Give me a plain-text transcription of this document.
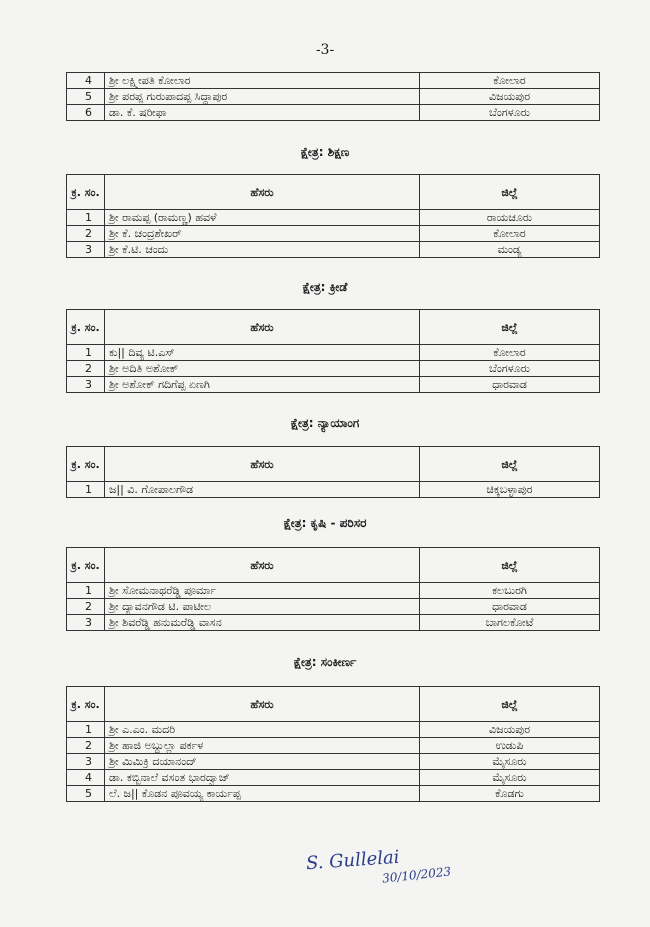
-3-
4	ಶ್ರೀ ಲಕ್ಷ್ಮೀಪತಿ ಕೋಲಾರ	ಕೋಲಾರ
5	ಶ್ರೀ ಪರಪ್ಪ ಗುರುಪಾದಪ್ಪ ಸಿದ್ದಾಪುರ	ವಿಜಯಪುರ
6	ಡಾ. ಕೆ. ಷರೀಫಾ	ಬೆಂಗಳೂರು
ಕ್ಷೇತ್ರ: ಶಿಕ್ಷಣ
ಕ್ರ. ಸಂ.	ಹೆಸರು	ಜಿಲ್ಲೆ
1	ಶ್ರೀ ರಾಮಪ್ಪ (ರಾಮಣ್ಣ) ಹವಳೆ	ರಾಯಚೂರು
2	ಶ್ರೀ ಕೆ. ಚಂದ್ರಶೇಖರ್	ಕೋಲಾರ
3	ಶ್ರೀ ಕೆ.ಟಿ. ಚಂದು	ಮಂಡ್ಯ
ಕ್ಷೇತ್ರ: ಕ್ರೀಡೆ
ಕ್ರ. ಸಂ.	ಹೆಸರು	ಜಿಲ್ಲೆ
1	ಕು|| ದಿವ್ಯ ಟಿ.ಎಸ್	ಕೋಲಾರ
2	ಶ್ರೀ ಅದಿತಿ ಅಶೋಕ್	ಬೆಂಗಳೂರು
3	ಶ್ರೀ ಅಶೋಕ್ ಗದಿಗೆಪ್ಪ ಏಣಗಿ	ಧಾರವಾಡ
ಕ್ಷೇತ್ರ: ನ್ಯಾಯಾಂಗ
ಕ್ರ. ಸಂ.	ಹೆಸರು	ಜಿಲ್ಲೆ
1	ಜ|| ವಿ. ಗೋಪಾಲಗೌಡ	ಚಿಕ್ಕಬಳ್ಳಾಪುರ
ಕ್ಷೇತ್ರ: ಕೃಷಿ - ಪರಿಸರ
ಕ್ರ. ಸಂ.	ಹೆಸರು	ಜಿಲ್ಲೆ
1	ಶ್ರೀ ಸೋಮನಾಥರೆಡ್ಡಿ ಪೂರ್ಮಾ	ಕಲಬುರಗಿ
2	ಶ್ರೀ ದ್ಯಾವನಗೌಡ ಟಿ. ಪಾಟೀಲ	ಧಾರವಾಡ
3	ಶ್ರೀ ಶಿವರೆಡ್ಡಿ ಹನುಮರೆಡ್ಡಿ ವಾಸನ	ಬಾಗಲಕೋಟೆ
ಕ್ಷೇತ್ರ: ಸಂಕೀರ್ಣ
ಕ್ರ. ಸಂ.	ಹೆಸರು	ಜಿಲ್ಲೆ
1	ಶ್ರೀ ಎ.ಎಂ. ಮದರಿ	ವಿಜಯಪುರ
2	ಶ್ರೀ ಹಾಜಿ ಅಬ್ದುಲ್ಲಾ ಪರ್ಕಳ	ಉಡುಪಿ
3	ಶ್ರೀ ಮಿಮಿಕ್ರಿ ದಯಾನಂದ್	ಮೈಸೂರು
4	ಡಾ. ಕಬ್ಬಿನಾಲೆ ವಸಂತ ಭಾರದ್ವಾಜ್	ಮೈಸೂರು
5	ಲೆ. ಜ|| ಕೊಡನ ಪೂವಯ್ಯ ಕಾರ್ಯಪ್ಪ	ಕೊಡಗು
S. Gullelai
30/10/2023
